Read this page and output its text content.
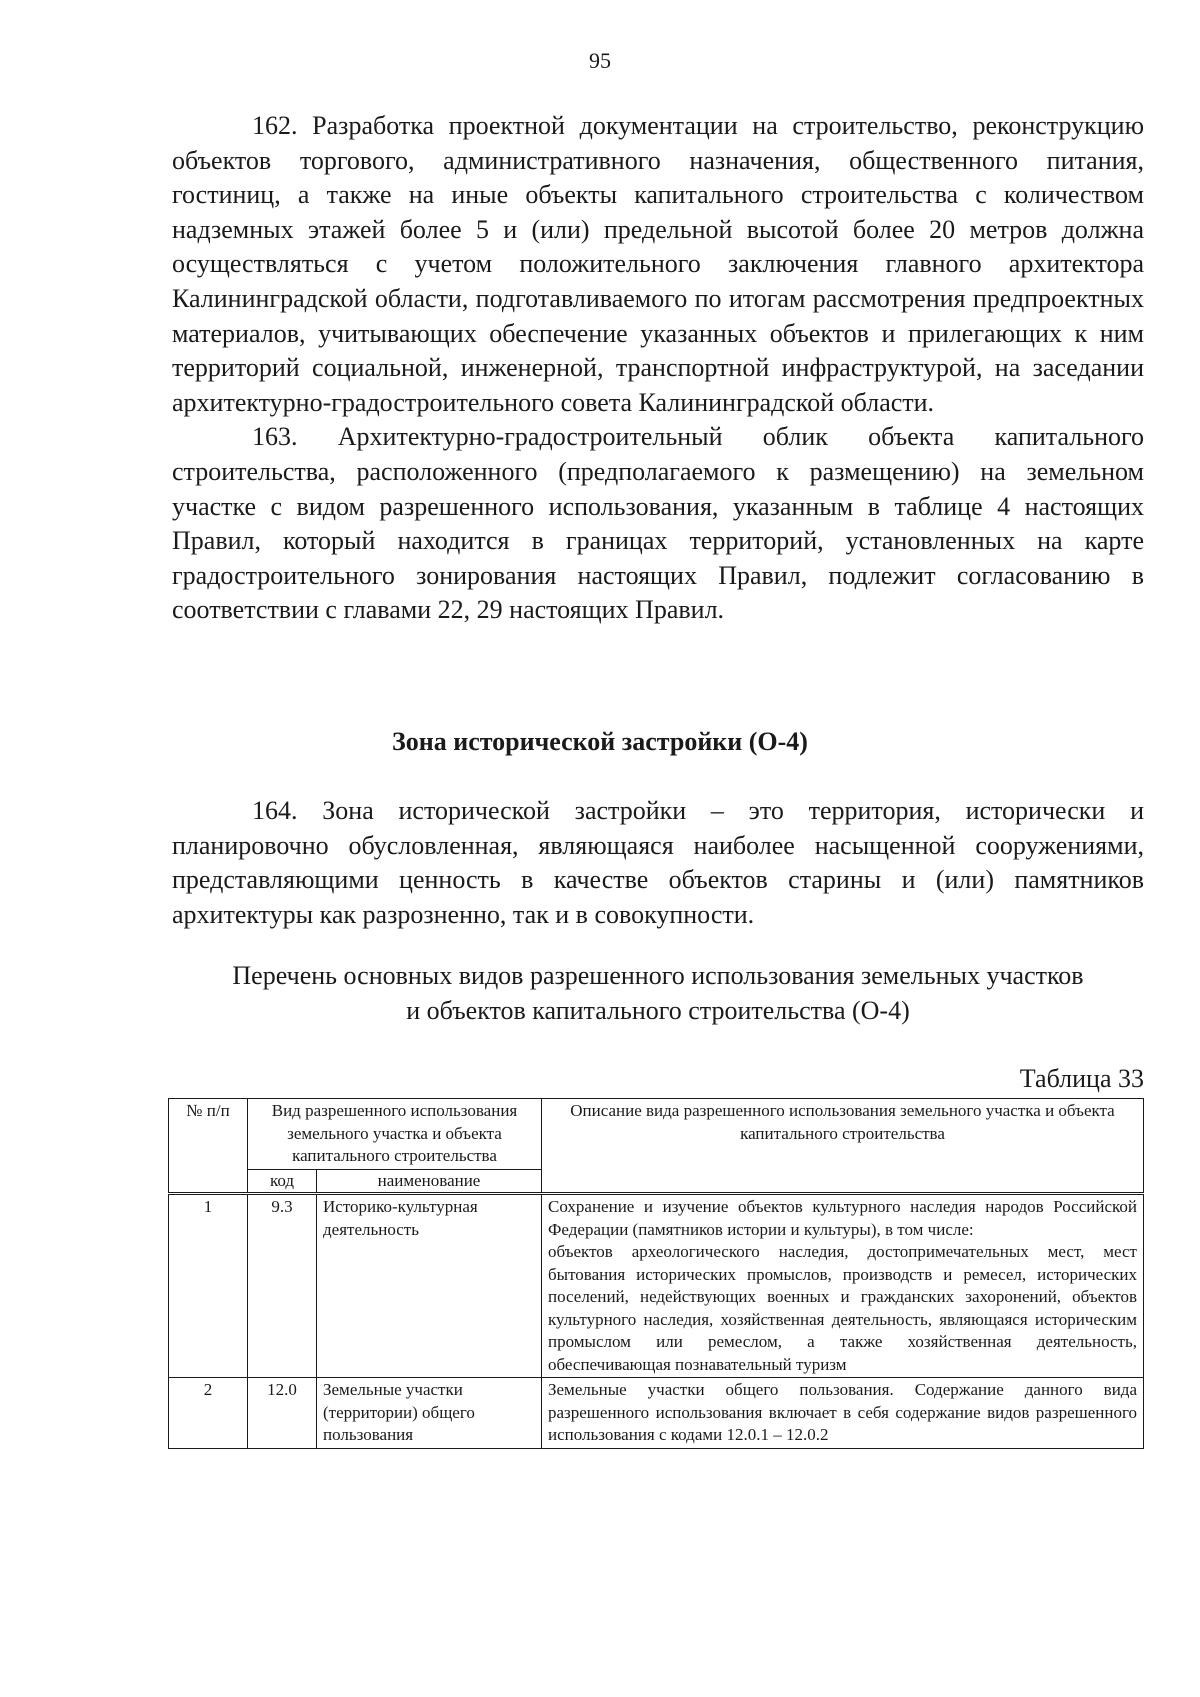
95

162. Разработка проектной документации на строительство, реконструкцию объектов торгового, административного назначения, общественного питания, гостиниц, а также на иные объекты капитального строительства с количеством надземных этажей более 5 и (или) предельной высотой более 20 метров должна осуществляться с учетом положительного заключения главного архитектора Калининградской области, подготавливаемого по итогам рассмотрения предпроектных материалов, учитывающих обеспечение указанных объектов и прилегающих к ним территорий социальной, инженерной, транспортной инфраструктурой, на заседании архитектурно-градостроительного совета Калининградской области.

163. Архитектурно-градостроительный облик объекта капитального строительства, расположенного (предполагаемого к размещению) на земельном участке с видом разрешенного использования, указанным в таблице 4 настоящих Правил, который находится в границах территорий, установленных на карте градостроительного зонирования настоящих Правил, подлежит согласованию в соответствии с главами 22, 29 настоящих Правил.

Зона исторической застройки (О-4)

164. Зона исторической застройки – это территория, исторически и планировочно обусловленная, являющаяся наиболее насыщенной сооружениями, представляющими ценность в качестве объектов старины и (или) памятников архитектуры как разрозненно, так и в совокупности.

Перечень основных видов разрешенного использования земельных участков
и объектов капитального строительства (О-4)
Таблица 33
№ п/п	Вид разрешенного использования земельного участка и объекта капитального строительства		Описание вида разрешенного использования земельного участка и объекта капитального строительства
	код	наименование	
1	9.3	Историко-культурная деятельность	Сохранение и изучение объектов культурного наследия народов Российской Федерации (памятников истории и культуры), в том числе:
объектов археологического наследия, достопримечательных мест, мест бытования исторических промыслов, производств и ремесел, исторических поселений, недействующих военных и гражданских захоронений, объектов культурного наследия, хозяйственная деятельность, являющаяся историческим промыслом или ремеслом, а также хозяйственная деятельность, обеспечивающая познавательный туризм

2	12.0	Земельные участки (территории) общего пользования	Земельные участки общего пользования. Содержание данного вида разрешенного использования включает в себя содержание видов разрешенного использования с кодами 12.0.1 – 12.0.2
